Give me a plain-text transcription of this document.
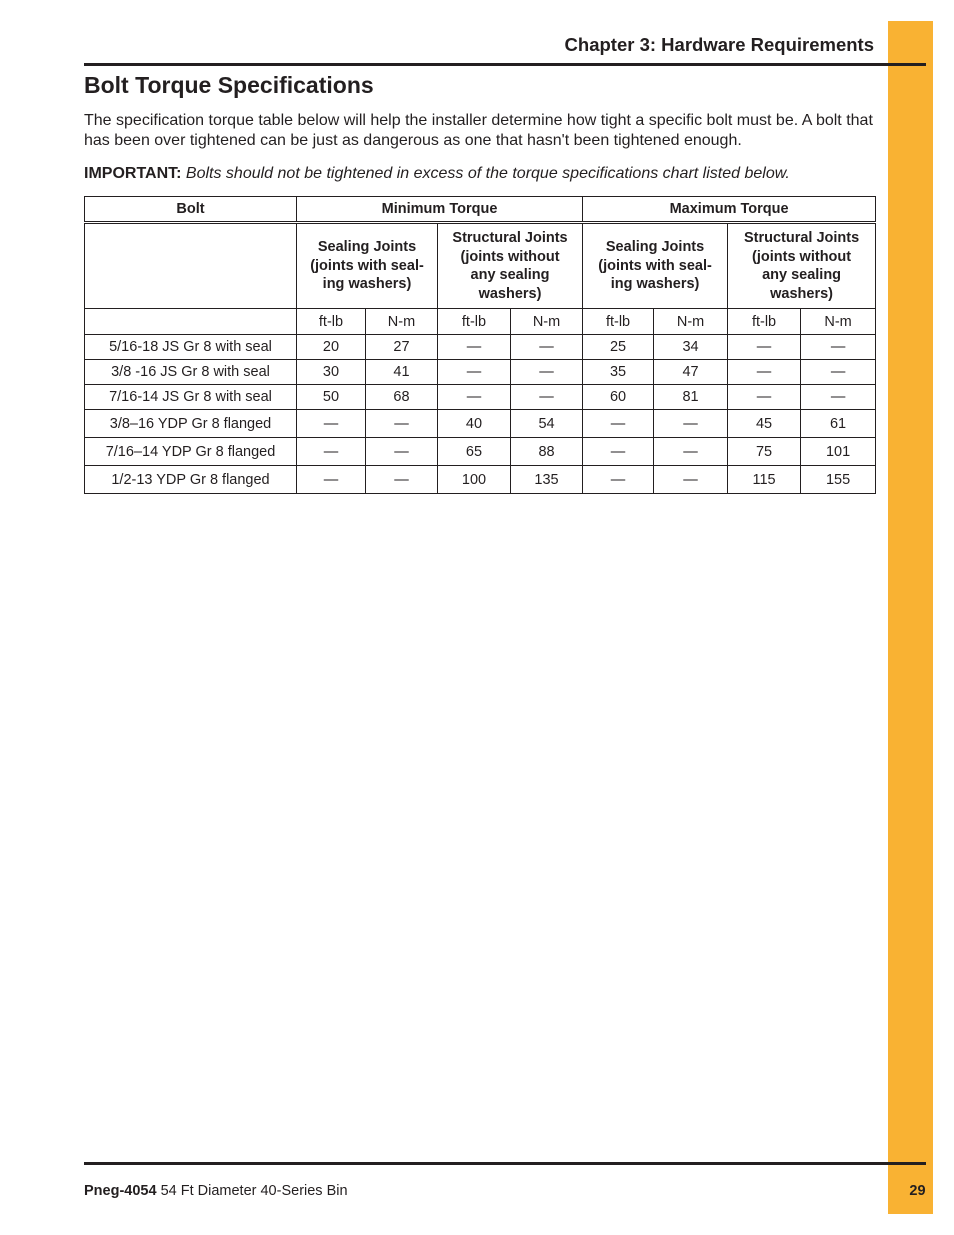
Chapter 3: Hardware Requirements
Bolt Torque Specifications

The specification torque table below will help the installer determine how tight a specific bolt must be. A bolt that has been over tightened can be just as dangerous as one that hasn't been tightened enough.

IMPORTANT: Bolts should not be tightened in excess of the torque specifications chart listed below.

Bolt	Minimum Torque				Maximum Torque			

	Sealing Joints (joints with seal-ing washers)		Structural Joints (joints without any sealing washers)		Sealing Joints (joints with seal-ing washers)		Structural Joints (joints without any sealing washers)	

	ft-lb	N-m	ft-lb	N-m	ft-lb	N-m	ft-lb	N-m
5/16-18 JS Gr 8 with seal	20	27	—	—	25	34	—	—
3/8 -16 JS Gr 8 with seal	30	41	—	—	35	47	—	—
7/16-14 JS Gr 8 with seal	50	68	—	—	60	81	—	—
3/8–16 YDP Gr 8 flanged	—	—	40	54	—	—	45	61
7/16–14 YDP Gr 8 flanged	—	—	65	88	—	—	75	101
1/2-13 YDP Gr 8 flanged	—	—	100	135	—	—	115	155
Pneg-4054 54 Ft Diameter 40-Series Bin	29
